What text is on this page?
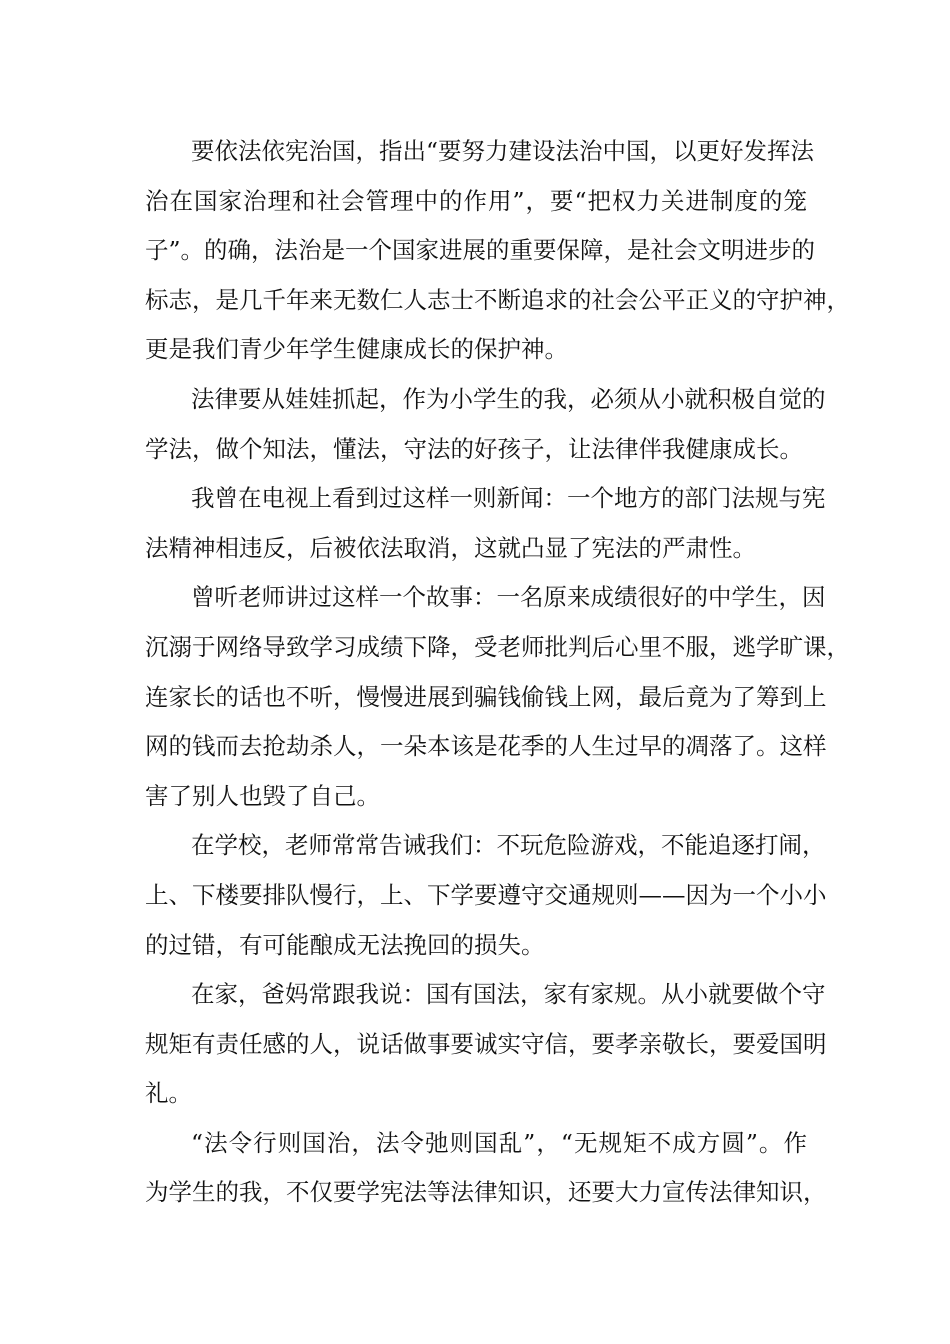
要依法依宪治国，指出“要努力建设法治中国，以更好发挥法
治在国家治理和社会管理中的作用”，要“把权力关进制度的笼
子”。的确，法治是一个国家进展的重要保障，是社会文明进步的
标志，是几千年来无数仁人志士不断追求的社会公平正义的守护神，
更是我们青少年学生健康成长的保护神。
法律要从娃娃抓起，作为小学生的我，必须从小就积极自觉的
学法，做个知法，懂法，守法的好孩子，让法律伴我健康成长。
我曾在电视上看到过这样一则新闻：一个地方的部门法规与宪
法精神相违反，后被依法取消，这就凸显了宪法的严肃性。
曾听老师讲过这样一个故事：一名原来成绩很好的中学生，因
沉溺于网络导致学习成绩下降，受老师批判后心里不服，逃学旷课，
连家长的话也不听，慢慢进展到骗钱偷钱上网，最后竟为了筹到上
网的钱而去抢劫杀人，一朵本该是花季的人生过早的凋落了。这样
害了别人也毁了自己。
在学校，老师常常告诫我们：不玩危险游戏，不能追逐打闹，
上、下楼要排队慢行，上、下学要遵守交通规则——因为一个小小
的过错，有可能酿成无法挽回的损失。
在家，爸妈常跟我说：国有国法，家有家规。从小就要做个守
规矩有责任感的人，说话做事要诚实守信，要孝亲敬长，要爱国明
礼。
“法令行则国治，法令弛则国乱”，“无规矩不成方圆”。作
为学生的我，不仅要学宪法等法律知识，还要大力宣传法律知识，
